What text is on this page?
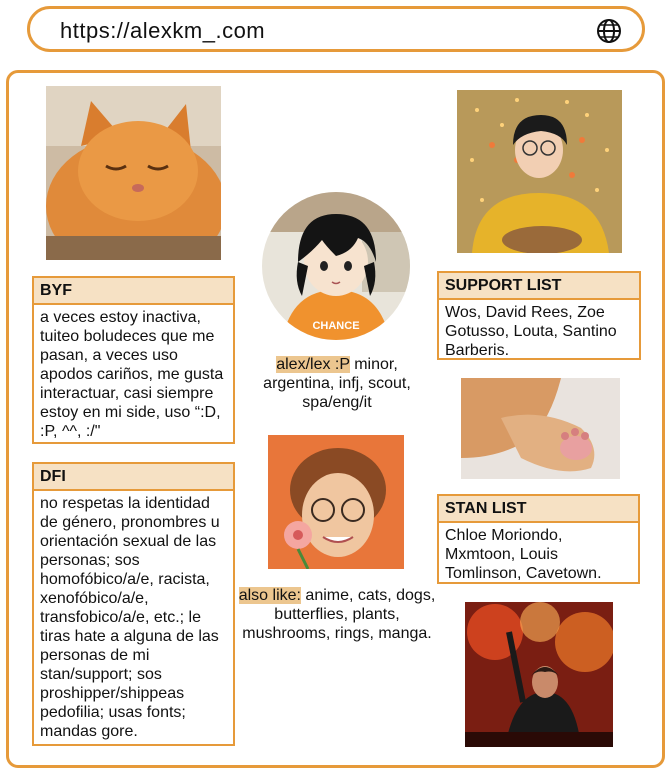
https://alexkm_.com
BYF
a veces estoy inactiva, tuiteo boludeces que me pasan, a veces uso apodos cariños, me gusta interactuar, casi siempre estoy en mi side, uso “:D, :P, ^^, :/"
DFI
no respetas la identidad de género, pronombres u orientación sexual de las personas; sos homofóbico/a/e, racista, xenofóbico/a/e, transfobico/a/e, etc.; le tiras hate a alguna de las personas de mi stan/support; sos proshipper/shippeas pedofilia; usas fonts; mandas gore.
CHANCE
alex/lex :P minor, argentina, infj, scout, spa/eng/it
also like: anime, cats, dogs, butterflies, plants, mushrooms, rings, manga.
SUPPORT LIST
Wos, David Rees, Zoe Gotusso, Louta, Santino Barberis.
STAN LIST
Chloe Moriondo, Mxmtoon, Louis Tomlinson, Cavetown.
